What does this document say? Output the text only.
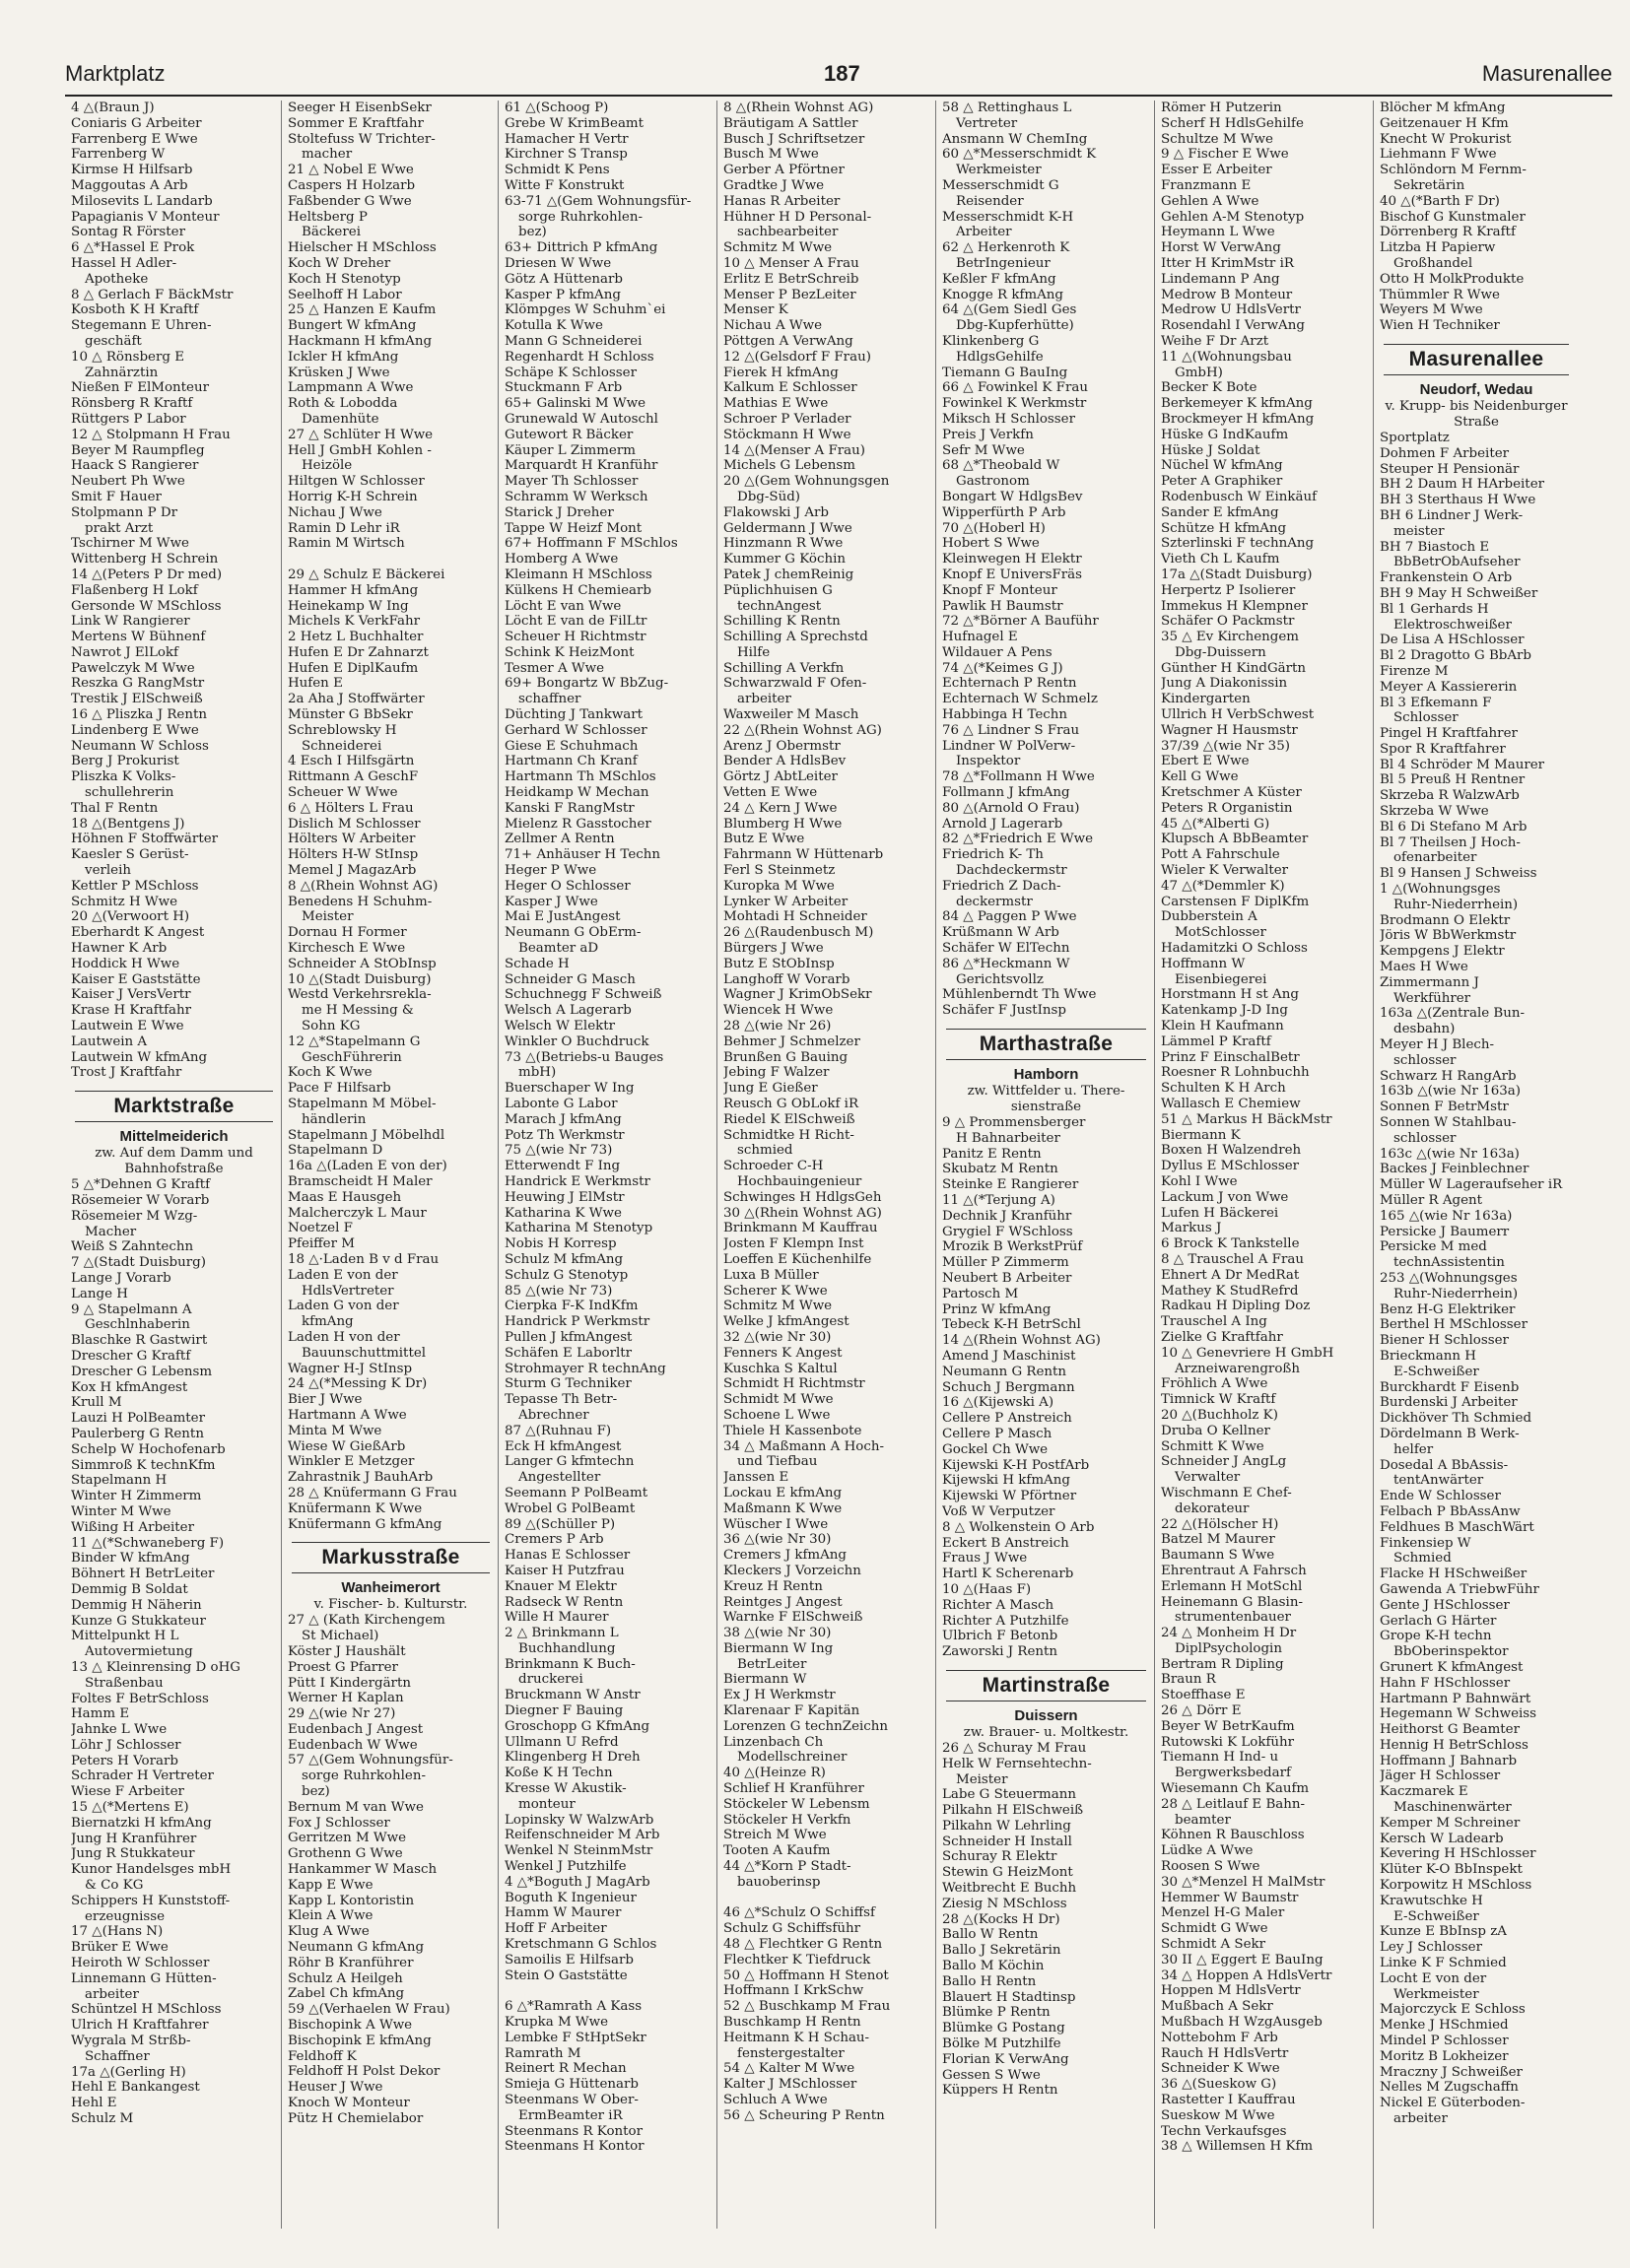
Marktplatz	187	Masurenallee
4 △(Braun J)
Coniaris G Arbeiter
Farrenberg E Wwe
Farrenberg W
Kirmse H Hilfsarb
Maggoutas A Arb
Milosevits L Landarb
Papagianis V Monteur
Sontag R Förster
6 △*Hassel E Prok
Hassel H Adler-
Apotheke
8 △ Gerlach F BäckMstr
Kosboth K H Kraftf
Stegemann E Uhren-
geschäft
10 △ Rönsberg E
Zahnärztin
Nießen F ElMonteur
Rönsberg R Kraftf
Rüttgers P Labor
12 △ Stolpmann H Frau
Beyer M Raumpfleg
Haack S Rangierer
Neubert Ph Wwe
Smit F Hauer
Stolpmann P Dr
prakt Arzt
Tschirner M Wwe
Wittenberg H Schrein
14 △(Peters P Dr med)
Flaßenberg H Lokf
Gersonde W MSchloss
Link W Rangierer
Mertens W Bühnenf
Nawrot J ElLokf
Pawelczyk M Wwe
Reszka G RangMstr
Trestik J ElSchweiß
16 △ Pliszka J Rentn
Lindenberg E Wwe
Neumann W Schloss
Berg J Prokurist
Pliszka K Volks-
schullehrerin
Thal F Rentn
18 △(Bentgens J)
Höhnen F Stoffwärter
Kaesler S Gerüst-
verleih
Kettler P MSchloss
Schmitz H Wwe
20 △(Verwoort H)
Eberhardt K Angest
Hawner K Arb
Hoddick H Wwe
Kaiser E Gaststätte
Kaiser J VersVertr
Krase H Kraftfahr
Lautwein E Wwe
Lautwein A
Lautwein W kfmAng
Trost J Kraftfahr
Marktstraße
Mittelmeiderich
zw. Auf dem Damm und
Bahnhofstraße
5 △*Dehnen G Kraftf
Rösemeier W Vorarb
Rösemeier M Wzg-
Macher
Weiß S Zahntechn
7 △(Stadt Duisburg)
Lange J Vorarb
Lange H
9 △ Stapelmann A
Geschlnhaberin
Blaschke R Gastwirt
Drescher G Kraftf
Drescher G Lebensm
Kox H kfmAngest
Krull M
Lauzi H PolBeamter
Paulerberg G Rentn
Schelp W Hochofenarb
Simmroß K technKfm
Stapelmann H
Winter H Zimmerm
Winter M Wwe
Wißing H Arbeiter
11 △(*Schwaneberg F)
Binder W kfmAng
Böhnert H BetrLeiter
Demmig B Soldat
Demmig H Näherin
Kunze G Stukkateur
Mittelpunkt H L
Autovermietung
13 △ Kleinrensing D oHG
Straßenbau
Foltes F BetrSchloss
Hamm E
Jahnke L Wwe
Löhr J Schlosser
Peters H Vorarb
Schrader H Vertreter
Wiese F Arbeiter
15 △(*Mertens E)
Biernatzki H kfmAng
Jung H Kranführer
Jung R Stukkateur
Kunor Handelsges mbH
& Co KG
Schippers H Kunststoff-
erzeugnisse
17 △(Hans N)
Brüker E Wwe
Heiroth W Schlosser
Linnemann G Hütten-
arbeiter
Schüntzel H MSchloss
Ulrich H Kraftfahrer
Wygrala M Strßb-
Schaffner
17a △(Gerling H)
Hehl E Bankangest
Hehl E
Schulz M
Seeger H EisenbSekr
Sommer E Kraftfahr
Stoltefuss W Trichter-
macher
21 △ Nobel E Wwe
Caspers H Holzarb
Faßbender G Wwe
Heltsberg P
Bäckerei
Hielscher H MSchloss
Koch W Dreher
Koch H Stenotyp
Seelhoff H Labor
25 △ Hanzen E Kaufm
Bungert W kfmAng
Hackmann H kfmAng
Ickler H kfmAng
Krüsken J Wwe
Lampmann A Wwe
Roth & Lobodda
Damenhüte
27 △ Schlüter H Wwe
Hell J GmbH Kohlen -
Heizöle
Hiltgen W Schlosser
Horrig K-H Schrein
Nichau J Wwe
Ramin D Lehr iR
Ramin M Wirtsch

29 △ Schulz E Bäckerei
Hammer H kfmAng
Heinekamp W Ing
Michels K VerkFahr
2 Hetz L Buchhalter
Hufen E Dr Zahnarzt
Hufen E DiplKaufm
Hufen E
2a Aha J Stoffwärter
Münster G BbSekr
Schreblowsky H
Schneiderei
4 Esch I Hilfsgärtn
Rittmann A GeschF
Scheuer W Wwe
6 △ Hölters L Frau
Dislich M Schlosser
Hölters W Arbeiter
Hölters H-W StInsp
Memel J MagazArb
8 △(Rhein Wohnst AG)
Benedens H Schuhm-
Meister
Dornau H Former
Kirchesch E Wwe
Schneider A StObInsp
10 △(Stadt Duisburg)
Westd Verkehrsrekla-
me H Messing &
Sohn KG
12 △*Stapelmann G
GeschFührerin
Koch K Wwe
Pace F Hilfsarb
Stapelmann M Möbel-
händlerin
Stapelmann J Möbelhdl
Stapelmann D
16a △(Laden E von der)
Bramscheidt H Maler
Maas E Hausgeh
Malcherczyk L Maur
Noetzel F
Pfeiffer M
18 △·Laden B v d Frau
Laden E von der
HdlsVertreter
Laden G von der
kfmAng
Laden H von der
Bauunschuttmittel
Wagner H-J StInsp
24 △(*Messing K Dr)
Bier J Wwe
Hartmann A Wwe
Minta M Wwe
Wiese W GießArb
Winkler E Metzger
Zahrastnik J BauhArb
28 △ Knüfermann G Frau
Knüfermann K Wwe
Knüfermann G kfmAng
Markusstraße
Wanheimerort
v. Fischer- b. Kulturstr.
27 △ (Kath Kirchengem
St Michael)
Köster J Haushält
Proest G Pfarrer
Pütt I Kindergärtn
Werner H Kaplan
29 △(wie Nr 27)
Eudenbach J Angest
Eudenbach W Wwe
57 △(Gem Wohnungsfür-
sorge Ruhrkohlen-
bez)
Bernum M van Wwe
Fox J Schlosser
Gerritzen M Wwe
Grothenn G Wwe
Hankammer W Masch
Kapp E Wwe
Kapp L Kontoristin
Klein A Wwe
Klug A Wwe
Neumann G kfmAng
Röhr B Kranführer
Schulz A Heilgeh
Zabel Ch kfmAng
59 △(Verhaelen W Frau)
Bischopink A Wwe
Bischopink E kfmAng
Feldhoff K
Feldhoff H Polst Dekor
Heuser J Wwe
Knoch W Monteur
Pütz H Chemielabor
61 △(Schoog P)
Grebe W KrimBeamt
Hamacher H Vertr
Kirchner S Transp
Schmidt K Pens
Witte F Konstrukt
63-71 △(Gem Wohnungsfür-
sorge Ruhrkohlen-
bez)
63+ Dittrich P kfmAng
Driesen W Wwe
Götz A Hüttenarb
Kasper P kfmAng
Klömpges W Schuhm`ei
Kotulla K Wwe
Mann G Schneiderei
Regenhardt H Schloss
Schäpe K Schlosser
Stuckmann F Arb
65+ Galinski M Wwe
Grunewald W Autoschl
Gutewort R Bäcker
Käuper L Zimmerm
Marquardt H Kranführ
Mayer Th Schlosser
Schramm W Werksch
Starick J Dreher
Tappe W Heizf Mont
67+ Hoffmann F MSchlos
Homberg A Wwe
Kleimann H MSchloss
Külkens H Chemiearb
Löcht E van Wwe
Löcht E van de FilLtr
Scheuer H Richtmstr
Schink K HeizMont
Tesmer A Wwe
69+ Bongartz W BbZug-
schaffner
Düchting J Tankwart
Gerhard W Schlosser
Giese E Schuhmach
Hartmann Ch Kranf
Hartmann Th MSchlos
Heidkamp W Mechan
Kanski F RangMstr
Mielenz R Gasstocher
Zellmer A Rentn
71+ Anhäuser H Techn
Heger P Wwe
Heger O Schlosser
Kasper J Wwe
Mai E JustAngest
Neumann G ObErm-
Beamter aD
Schade H
Schneider G Masch
Schuchnegg F Schweiß
Welsch A Lagerarb
Welsch W Elektr
Winkler O Buchdruck
73 △(Betriebs-u Bauges
mbH)
Buerschaper W Ing
Labonte G Labor
Marach J kfmAng
Potz Th Werkmstr
75 △(wie Nr 73)
Etterwendt F Ing
Handrick E Werkmstr
Heuwing J ElMstr
Katharina K Wwe
Katharina M Stenotyp
Nobis H Korresp
Schulz M kfmAng
Schulz G Stenotyp
85 △(wie Nr 73)
Cierpka F-K IndKfm
Handrick P Werkmstr
Pullen J kfmAngest
Schäfen E Laborltr
Strohmayer R technAng
Sturm G Techniker
Tepasse Th Betr-
Abrechner
87 △(Ruhnau F)
Eck H kfmAngest
Langer G kfmtechn
Angestellter
Seemann P PolBeamt
Wrobel G PolBeamt
89 △(Schüller P)
Cremers P Arb
Hanas E Schlosser
Kaiser H Putzfrau
Knauer M Elektr
Radseck W Rentn
Wille H Maurer
2 △ Brinkmann L
Buchhandlung
Brinkmann K Buch-
druckerei
Bruckmann W Anstr
Diegner F Bauing
Groschopp G KfmAng
Ullmann U Refrd
Klingenberg H Dreh
Koße K H Techn
Kresse W Akustik-
monteur
Lopinsky W WalzwArb
Reifenschneider M Arb
Wenkel N SteinmMstr
Wenkel J Putzhilfe
4 △*Boguth J MagArb
Boguth K Ingenieur
Hamm W Maurer
Hoff F Arbeiter
Kretschmann G Schlos
Samoilis E Hilfsarb
Stein O Gaststätte

6 △*Ramrath A Kass
Krupka M Wwe
Lembke F StHptSekr
Ramrath M
Reinert R Mechan
Smieja G Hüttenarb
Steenmans W Ober-
ErmBeamter iR
Steenmans R Kontor
Steenmans H Kontor
8 △(Rhein Wohnst AG)
Bräutigam A Sattler
Busch J Schriftsetzer
Busch M Wwe
Gerber A Pförtner
Gradtke J Wwe
Hanas R Arbeiter
Hühner H D Personal-
sachbearbeiter
Schmitz M Wwe
10 △ Menser A Frau
Erlitz E BetrSchreib
Menser P BezLeiter
Menser K
Nichau A Wwe
Pöttgen A VerwAng
12 △(Gelsdorf F Frau)
Fierek H kfmAng
Kalkum E Schlosser
Mathias E Wwe
Schroer P Verlader
Stöckmann H Wwe
14 △(Menser A Frau)
Michels G Lebensm
20 △(Gem Wohnungsgen
Dbg-Süd)
Flakowski J Arb
Geldermann J Wwe
Hinzmann R Wwe
Kummer G Köchin
Patek J chemReinig
Püplichhuisen G
technAngest
Schilling K Rentn
Schilling A Sprechstd
Hilfe
Schilling A Verkfn
Schwarzwald F Ofen-
arbeiter
Waxweiler M Masch
22 △(Rhein Wohnst AG)
Arenz J Obermstr
Bender A HdlsBev
Görtz J AbtLeiter
Vetten E Wwe
24 △ Kern J Wwe
Blumberg H Wwe
Butz E Wwe
Fahrmann W Hüttenarb
Ferl S Steinmetz
Kuropka M Wwe
Lynker W Arbeiter
Mohtadi H Schneider
26 △(Raudenbusch M)
Bürgers J Wwe
Butz E StObInsp
Langhoff W Vorarb
Wagner J KrimObSekr
Wiencek H Wwe
28 △(wie Nr 26)
Behmer J Schmelzer
Brunßen G Bauing
Jebing F Walzer
Jung E Gießer
Reusch G ObLokf iR
Riedel K ElSchweiß
Schmidtke H Richt-
schmied
Schroeder C-H
Hochbauingenieur
Schwinges H HdlgsGeh
30 △(Rhein Wohnst AG)
Brinkmann M Kauffrau
Josten F Klempn Inst
Loeffen E Küchenhilfe
Luxa B Müller
Scherer K Wwe
Schmitz M Wwe
Welke J kfmAngest
32 △(wie Nr 30)
Fenners K Angest
Kuschka S Kaltul
Schmidt H Richtmstr
Schmidt M Wwe
Schoene L Wwe
Thiele H Kassenbote
34 △ Maßmann A Hoch-
und Tiefbau
Janssen E
Lockau E kfmAng
Maßmann K Wwe
Wüscher I Wwe
36 △(wie Nr 30)
Cremers J kfmAng
Kleckers J Vorzeichn
Kreuz H Rentn
Reintges J Angest
Warnke F ElSchweiß
38 △(wie Nr 30)
Biermann W Ing
BetrLeiter
Biermann W
Ex J H Werkmstr
Klarenaar F Kapitän
Lorenzen G technZeichn
Linzenbach Ch
Modellschreiner
40 △(Heinze R)
Schlief H Kranführer
Stöckeler W Lebensm
Stöckeler H Verkfn
Streich M Wwe
Tooten A Kaufm
44 △*Korn P Stadt-
bauoberinsp

46 △*Schulz O Schiffsf
Schulz G Schiffsführ
48 △ Flechtker G Rentn
Flechtker K Tiefdruck
50 △ Hoffmann H Stenot
Hoffmann I KrkSchw
52 △ Buschkamp M Frau
Buschkamp H Rentn
Heitmann K H Schau-
fenstergestalter
54 △ Kalter M Wwe
Kalter J MSchlosser
Schluch A Wwe
56 △ Scheuring P Rentn
58 △ Rettinghaus L
Vertreter
Ansmann W ChemIng
60 △*Messerschmidt K
Werkmeister
Messerschmidt G
Reisender
Messerschmidt K-H
Arbeiter
62 △ Herkenroth K
BetrIngenieur
Keßler F kfmAng
Knogge R kfmAng
64 △(Gem Siedl Ges
Dbg-Kupferhütte)
Klinkenberg G
HdlgsGehilfe
Tiemann G BauIng
66 △ Fowinkel K Frau
Fowinkel K Werkmstr
Miksch H Schlosser
Preis J Verkfn
Sefr M Wwe
68 △*Theobald W
Gastronom
Bongart W HdlgsBev
Wipperfürth P Arb
70 △(Hoberl H)
Hobert S Wwe
Kleinwegen H Elektr
Knopf E UniversFräs
Knopf F Monteur
Pawlik H Baumstr
72 △*Börner A Bauführ
Hufnagel E
Wildauer A Pens
74 △(*Keimes G J)
Echternach P Rentn
Echternach W Schmelz
Habbinga H Techn
76 △ Lindner S Frau
Lindner W PolVerw-
Inspektor
78 △*Follmann H Wwe
Follmann J kfmAng
80 △(Arnold O Frau)
Arnold J Lagerarb
82 △*Friedrich E Wwe
Friedrich K- Th
Dachdeckermstr
Friedrich Z Dach-
deckermstr
84 △ Paggen P Wwe
Krüßmann W Arb
Schäfer W ElTechn
86 △*Heckmann W
Gerichtsvollz
Mühlenberndt Th Wwe
Schäfer F JustInsp
Marthastraße
Hamborn
zw. Wittfelder u. There-
sienstraße
9 △ Prommensberger
H Bahnarbeiter
Panitz E Rentn
Skubatz M Rentn
Steinke E Rangierer
11 △(*Terjung A)
Dechnik J Kranführ
Grygiel F WSchloss
Mrozik B WerkstPrüf
Müller P Zimmerm
Neubert B Arbeiter
Partosch M
Prinz W kfmAng
Tebeck K-H BetrSchl
14 △(Rhein Wohnst AG)
Amend J Maschinist
Neumann G Rentn
Schuch J Bergmann
16 △(Kijewski A)
Cellere P Anstreich
Cellere P Masch
Gockel Ch Wwe
Kijewski K-H PostfArb
Kijewski H kfmAng
Kijewski W Pförtner
Voß W Verputzer
8 △ Wolkenstein O Arb
Eckert B Anstreich
Fraus J Wwe
Hartl K Scherenarb
10 △(Haas F)
Richter A Masch
Richter A Putzhilfe
Ulbrich F Betonb
Zaworski J Rentn
Martinstraße
Duissern
zw. Brauer- u. Moltkestr.
26 △ Schuray M Frau
Helk W Fernsehtechn-
Meister
Labe G Steuermann
Pilkahn H ElSchweiß
Pilkahn W Lehrling
Schneider H Install
Schuray R Elektr
Stewin G HeizMont
Weitbrecht E Buchh
Ziesig N MSchloss
28 △(Kocks H Dr)
Ballo W Rentn
Ballo J Sekretärin
Ballo M Köchin
Ballo H Rentn
Blauert H Stadtinsp
Blümke P Rentn
Blümke G Postang
Bölke M Putzhilfe
Florian K VerwAng
Gessen S Wwe
Küppers H Rentn
Römer H Putzerin
Scherf H HdlsGehilfe
Schultze M Wwe
9 △ Fischer E Wwe
Esser E Arbeiter
Franzmann E
Gehlen A Wwe
Gehlen A-M Stenotyp
Heymann L Wwe
Horst W VerwAng
Itter H KrimMstr iR
Lindemann P Ang
Medrow B Monteur
Medrow U HdlsVertr
Rosendahl I VerwAng
Weihe F Dr Arzt
11 △(Wohnungsbau
GmbH)
Becker K Bote
Berkemeyer K kfmAng
Brockmeyer H kfmAng
Hüske G IndKaufm
Hüske J Soldat
Nüchel W kfmAng
Peter A Graphiker
Rodenbusch W Einkäuf
Sander E kfmAng
Schütze H kfmAng
Szterlinski F technAng
Vieth Ch L Kaufm
17a △(Stadt Duisburg)
Herpertz P Isolierer
Immekus H Klempner
Schäfer O Packmstr
35 △ Ev Kirchengem
Dbg-Duissern
Günther H KindGärtn
Jung A Diakonissin
Kindergarten
Ullrich H VerbSchwest
Wagner H Hausmstr
37/39 △(wie Nr 35)
Ebert E Wwe
Kell G Wwe
Kretschmer A Küster
Peters R Organistin
45 △(*Alberti G)
Klupsch A BbBeamter
Pott A Fahrschule
Wieler K Verwalter
47 △(*Demmler K)
Carstensen F DiplKfm
Dubberstein A
MotSchlosser
Hadamitzki O Schloss
Hoffmann W
Eisenbiegerei
Horstmann H st Ang
Katenkamp J-D Ing
Klein H Kaufmann
Lämmel P Kraftf
Prinz F EinschalBetr
Roesner R Lohnbuchh
Schulten K H Arch
Wallasch E Chemiew
51 △ Markus H BäckMstr
Biermann K
Boxen H Walzendreh
Dyllus E MSchlosser
Kohl I Wwe
Lackum J von Wwe
Lufen H Bäckerei
Markus J
6 Brock K Tankstelle
8 △ Trauschel A Frau
Ehnert A Dr MedRat
Mathey K StudRefrd
Radkau H Dipling Doz
Trauschel A Ing
Zielke G Kraftfahr
10 △ Genevriere H GmbH
Arzneiwarengroßh
Fröhlich A Wwe
Timnick W Kraftf
20 △(Buchholz K)
Druba O Kellner
Schmitt K Wwe
Schneider J AngLg
Verwalter
Wischmann E Chef-
dekorateur
22 △(Hölscher H)
Batzel M Maurer
Baumann S Wwe
Ehrentraut A Fahrsch
Erlemann H MotSchl
Heinemann G Blasin-
strumentenbauer
24 △ Monheim H Dr
DiplPsychologin
Bertram R Dipling
Braun R
Stoeffhase E
26 △ Dörr E
Beyer W BetrKaufm
Rutowski K Lokführ
Tiemann H Ind- u
Bergwerksbedarf
Wiesemann Ch Kaufm
28 △ Leitlauf E Bahn-
beamter
Köhnen R Bauschloss
Lüdke A Wwe
Roosen S Wwe
30 △*Menzel H MalMstr
Hemmer W Baumstr
Menzel H-G Maler
Schmidt G Wwe
Schmidt A Sekr
30 II △ Eggert E BauIng
34 △ Hoppen A HdlsVertr
Hoppen M HdlsVertr
Mußbach A Sekr
Mußbach H WzgAusgeb
Nottebohm F Arb
Rauch H HdlsVertr
Schneider K Wwe
36 △(Sueskow G)
Rastetter I Kauffrau
Sueskow M Wwe
Techn Verkaufsges
38 △ Willemsen H Kfm
Blöcher M kfmAng
Geitzenauer H Kfm
Knecht W Prokurist
Liehmann F Wwe
Schlöndorn M Fernm-
Sekretärin
40 △(*Barth F Dr)
Bischof G Kunstmaler
Dörrenberg R Kraftf
Litzba H Papierw
Großhandel
Otto H MolkProdukte
Thümmler R Wwe
Weyers M Wwe
Wien H Techniker
Masurenallee
Neudorf, Wedau
v. Krupp- bis Neidenburger
Straße
Sportplatz
Dohmen F Arbeiter
Steuper H Pensionär
BH 2 Daum H HArbeiter
BH 3 Sterthaus H Wwe
BH 6 Lindner J Werk-
meister
BH 7 Biastoch E
BbBetrObAufseher
Frankenstein O Arb
BH 9 May H Schweißer
Bl 1 Gerhards H
Elektroschweißer
De Lisa A HSchlosser
Bl 2 Dragotto G BbArb
Firenze M
Meyer A Kassiererin
Bl 3 Efkemann F
Schlosser
Pingel H Kraftfahrer
Spor R Kraftfahrer
Bl 4 Schröder M Maurer
Bl 5 Preuß H Rentner
Skrzeba R WalzwArb
Skrzeba W Wwe
Bl 6 Di Stefano M Arb
Bl 7 Theilsen J Hoch-
ofenarbeiter
Bl 9 Hansen J Schweiss
1 △(Wohnungsges
Ruhr-Niederrhein)
Brodmann O Elektr
Jöris W BbWerkmstr
Kempgens J Elektr
Maes H Wwe
Zimmermann J
Werkführer
163a △(Zentrale Bun-
desbahn)
Meyer H J Blech-
schlosser
Schwarz H RangArb
163b △(wie Nr 163a)
Sonnen F BetrMstr
Sonnen W Stahlbau-
schlosser
163c △(wie Nr 163a)
Backes J Feinblechner
Müller W Lageraufseher iR
Müller R Agent
165 △(wie Nr 163a)
Persicke J Baumerr
Persicke M med
technAssistentin
253 △(Wohnungsges
Ruhr-Niederrhein)
Benz H-G Elektriker
Berthel H MSchlosser
Biener H Schlosser
Brieckmann H
E-Schweißer
Burckhardt F Eisenb
Burdenski J Arbeiter
Dickhöver Th Schmied
Dördelmann B Werk-
helfer
Dosedal A BbAssis-
tentAnwärter
Ende W Schlosser
Felbach P BbAssAnw
Feldhues B MaschWärt
Finkensiep W
Schmied
Flacke H HSchweißer
Gawenda A TriebwFühr
Gente J HSchlosser
Gerlach G Härter
Grope K-H techn
BbOberinspektor
Grunert K kfmAngest
Hahn F HSchlosser
Hartmann P Bahnwärt
Hegemann W Schweiss
Heithorst G Beamter
Hennig H BetrSchloss
Hoffmann J Bahnarb
Jäger H Schlosser
Kaczmarek E
Maschinenwärter
Kemper M Schreiner
Kersch W Ladearb
Kevering H HSchlosser
Klüter K-O BbInspekt
Korpowitz H MSchloss
Krawutschke H
E-Schweißer
Kunze E BbInsp zA
Ley J Schlosser
Linke K F Schmied
Locht E von der
Werkmeister
Majorczyck E Schloss
Menke J HSchmied
Mindel P Schlosser
Moritz B Lokheizer
Mraczny J Schweißer
Nelles M Zugschaffn
Nickel E Güterboden-
arbeiter
